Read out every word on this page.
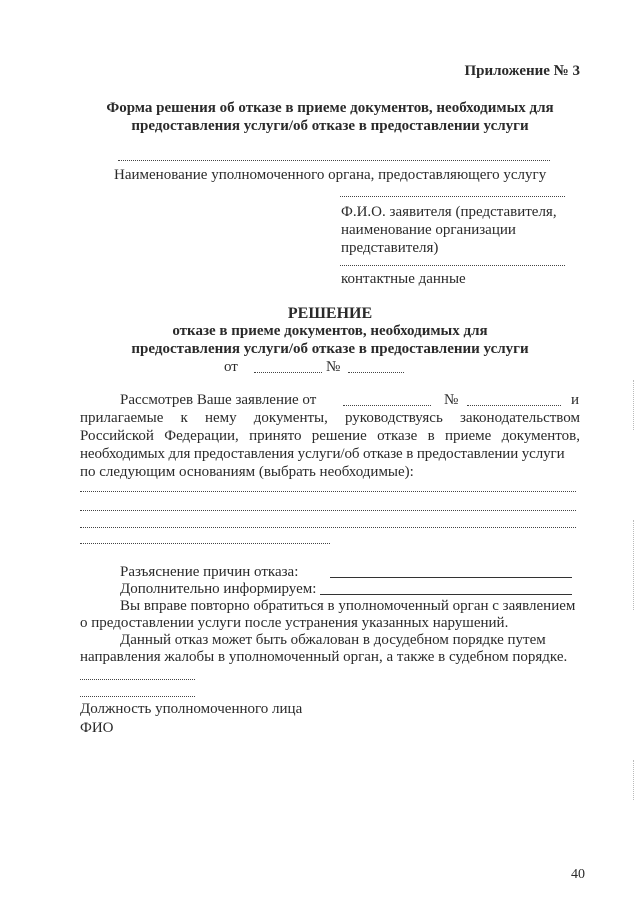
Приложение № 3
Форма решения об отказе в приеме документов, необходимых для
предоставления услуги/об отказе в предоставлении услуги
Наименование уполномоченного органа, предоставляющего услугу
Ф.И.О. заявителя (представителя,
наименование организации
представителя)
контактные данные
РЕШЕНИЕ
отказе в приеме документов, необходимых для
предоставления услуги/об отказе в предоставлении услуги
от	№
Рассмотрев Ваше заявление от	№	и
прилагаемые к нему документы, руководствуясь законодательством
Российской Федерации, принято решение отказе в приеме документов,
необходимых для предоставления услуги/об отказе в предоставлении услуги
по следующим основаниям (выбрать необходимые):
Разъяснение причин отказа:
Дополнительно информируем:
Вы вправе повторно обратиться в уполномоченный орган с заявлением
о предоставлении услуги после устранения указанных нарушений.
Данный отказ может быть обжалован в досудебном порядке путем
направления жалобы в уполномоченный орган, а также в судебном порядке.
Должность уполномоченного лица
ФИО
40
